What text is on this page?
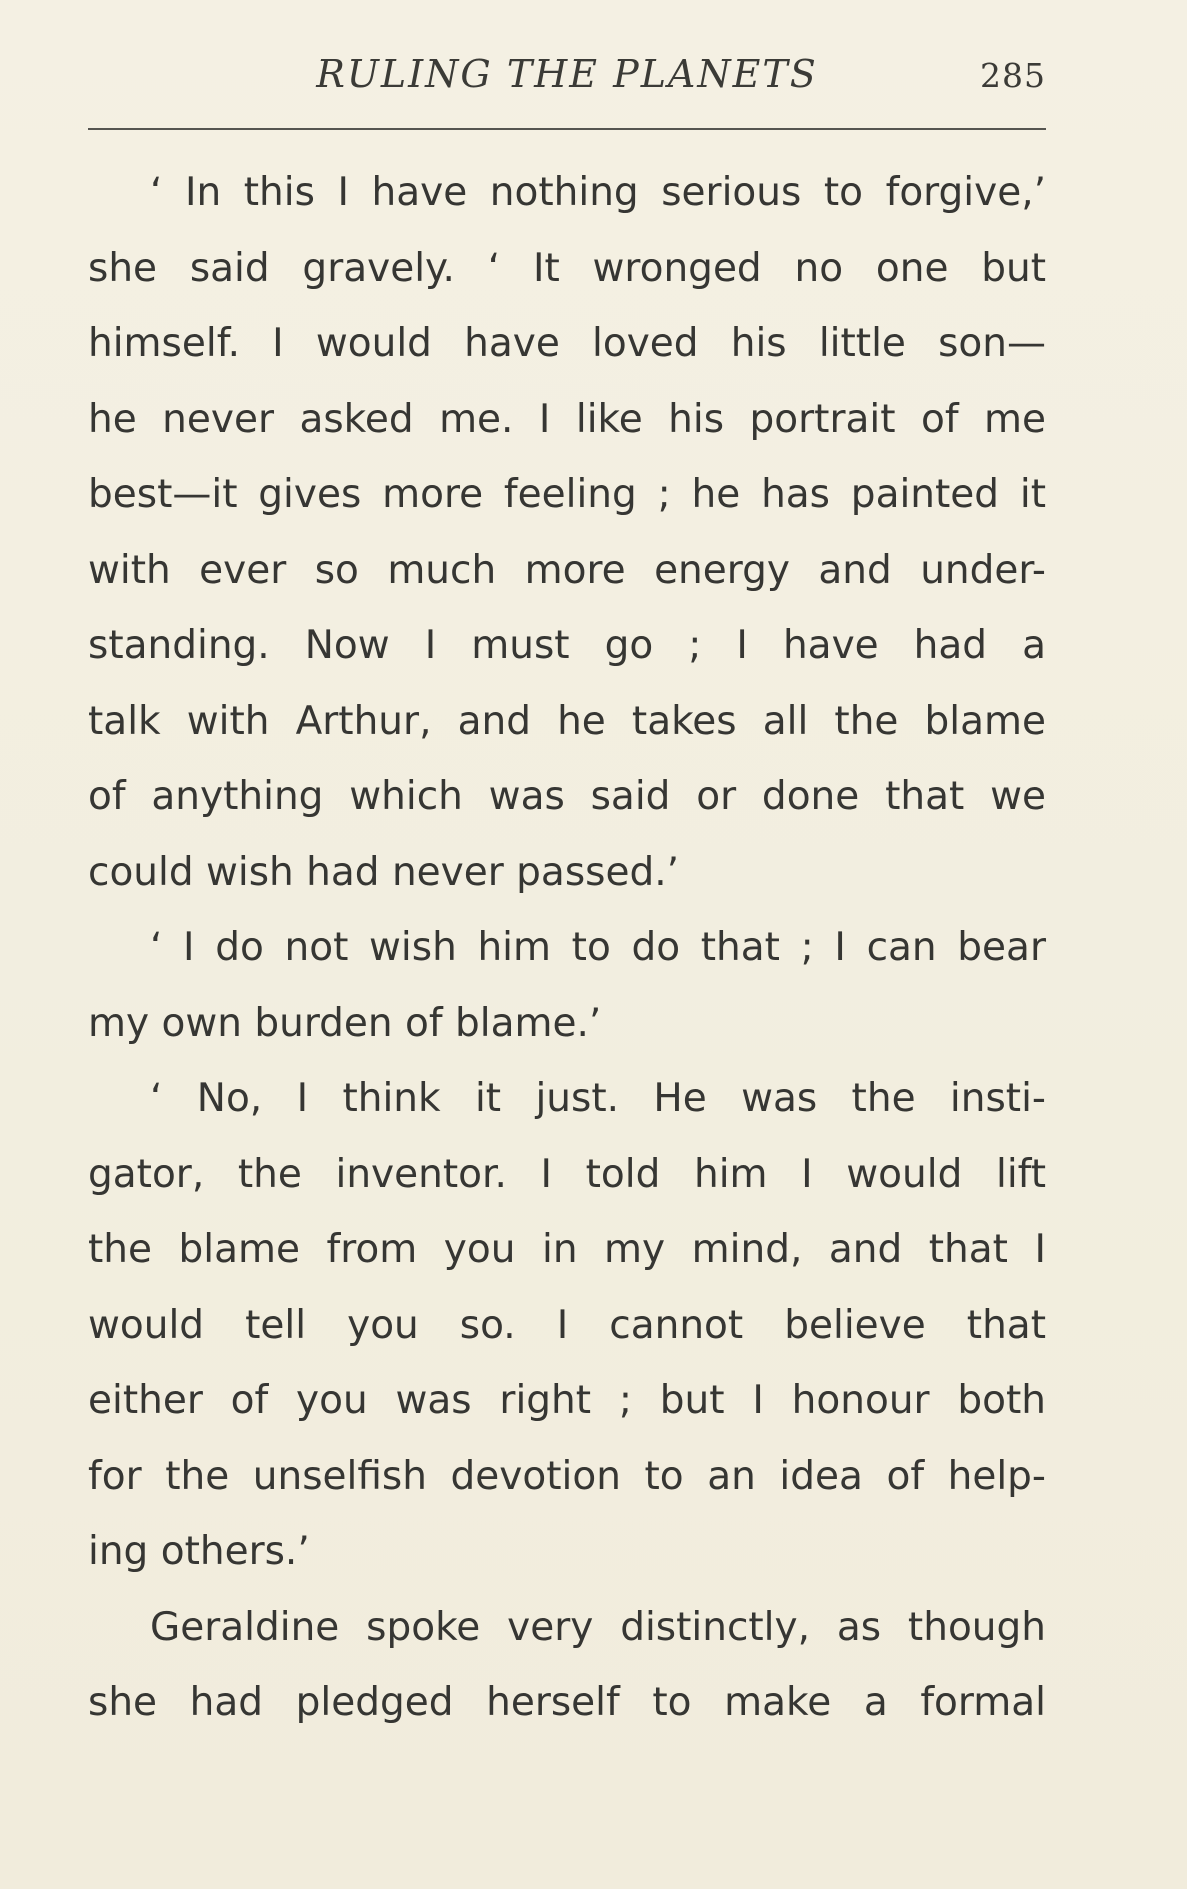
RULING THE PLANETS	285
‘ In this I have nothing serious to forgive,’
she said gravely. ‘ It wronged no one but
himself. I would have loved his little son—
he never asked me. I like his portrait of me
best—it gives more feeling ; he has painted it
with ever so much more energy and under-
standing. Now I must go ; I have had a
talk with Arthur, and he takes all the blame
of anything which was said or done that we
could wish had never passed.’
‘ I do not wish him to do that ; I can bear
my own burden of blame.’
‘ No, I think it just. He was the insti-
gator, the inventor. I told him I would lift
the blame from you in my mind, and that I
would tell you so. I cannot believe that
either of you was right ; but I honour both
for the unselfish devotion to an idea of help-
ing others.’
Geraldine spoke very distinctly, as though
she had pledged herself to make a formal
